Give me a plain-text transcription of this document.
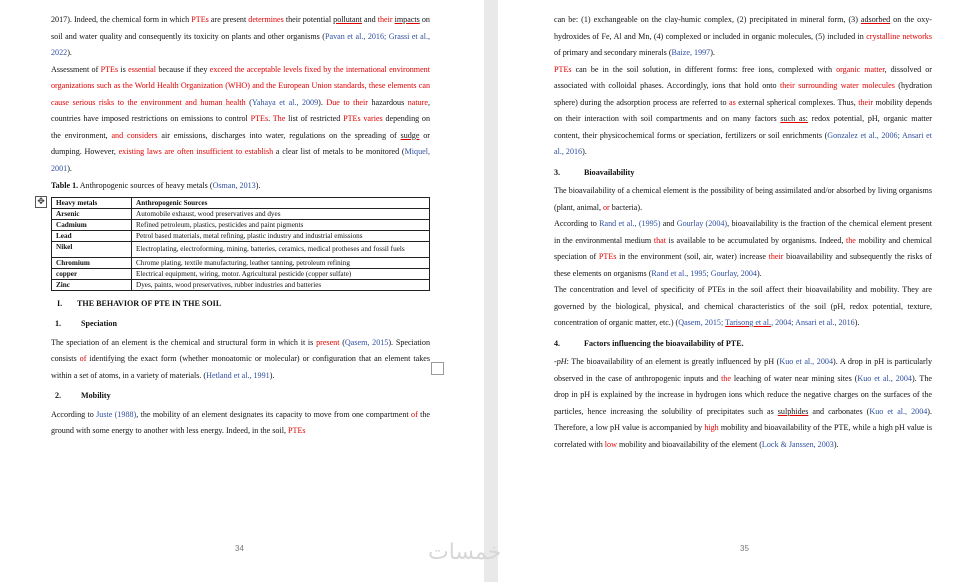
2017). Indeed, the chemical form in which PTEs are present determines their potential pollutant and their impacts on soil and water quality and consequently its toxicity on plants and other organisms (Pavan et al., 2016; Grassi et al., 2022).

Assessment of PTEs is essential because if they exceed the acceptable levels fixed by the international environment organizations such as the World Health Organization (WHO) and the European Union standards, these elements can cause serious risks to the environment and human health (Yahaya et al., 2009). Due to their hazardous nature, countries have imposed restrictions on emissions to control PTEs. The list of restricted PTEs varies depending on the environment, and considers air emissions, discharges into water, regulations on the spreading of sudge or dumping. However, existing laws are often insufficient to establish a clear list of metals to be monitored (Miquel, 2001).

Table 1. Anthropogenic sources of heavy metals (Osman, 2013).

Heavy metals	Anthropogenic Sources
Arsenic	Automobile exhaust, wood preservatives and dyes
Cadmium	Refined petroleum, plastics, pesticides and paint pigments
Lead	Petrol based materials, metal refining, plastic industry and industrial emissions
Nikel	Electroplating, electroforming, mining, batteries, ceramics, medical protheses and fossil fuels
Chromium	Chrome plating, textile manufacturing, leather tanning, petroleum refining
copper	Electrical equipment, wiring, motor. Agricultural pesticide (copper sulfate)
Zinc	Dyes, paints, wood preservatives, rubber industries and batteries

I. THE BEHAVIOR OF PTE IN THE SOIL

1. Speciation

The speciation of an element is the chemical and structural form in which it is present (Qasem, 2015). Speciation consists of identifying the exact form (whether monoatomic or molecular) or configuration that an element takes within a set of atoms, in a variety of materials. (Hetland et al., 1991).

2. Mobility

According to Juste (1988), the mobility of an element designates its capacity to move from one compartment of the ground with some energy to another with less energy. Indeed, in the soil, PTEs

✥
34

can be: (1) exchangeable on the clay-humic complex, (2) precipitated in mineral form, (3) adsorbed on the oxy-hydroxides of Fe, Al and Mn, (4) complexed or included in organic molecules, (5) included in crystalline networks of primary and secondary minerals (Baize, 1997).

PTEs can be in the soil solution, in different forms: free ions, complexed with organic matter, dissolved or associated with colloidal phases. Accordingly, ions that hold onto their surrounding water molecules (hydration sphere) during the adsorption process are referred to as external spherical complexes. Thus, their mobility depends on their interaction with soil compartments and on many factors such as: redox potential, pH, organic matter content, their physicochemical forms or speciation, fertilizers or soil enrichments (Gonzalez et al., 2006; Ansari et al., 2016).

3.	Bioavailability

The bioavailability of a chemical element is the possibility of being assimilated and/or absorbed by living organisms (plant, animal, or bacteria).

According to Rand et al., (1995) and Gourlay (2004), bioavailability is the fraction of the chemical element present in the environmental medium that is available to be accumulated by organisms. Indeed, the mobility and chemical speciation of PTEs in the environment (soil, air, water) increase their bioavailability and subsequently the risks of these elements on organisms (Rand et al., 1995; Gourlay, 2004).

The concentration and level of specificity of PTEs in the soil affect their bioavailability and mobility. They are governed by the biological, physical, and chemical characteristics of the soil (pH, redox potential, texture, concentration of organic matter, etc.) (Qasem, 2015; Tarisong et al., 2004; Ansari et al., 2016).

4.	Factors influencing the bioavailability of PTE.

-pH: The bioavailability of an element is greatly influenced by pH (Kuo et al., 2004). A drop in pH is particularly observed in the case of anthropogenic inputs and the leaching of water near mining sites (Kuo et al., 2004). The drop in pH is explained by the increase in hydrogen ions which reduce the negative charges on the surfaces of the particles, hence increasing the solubility of precipitates such as sulphides and carbonates (Kuo et al., 2004). Therefore, a low pH value is accompanied by high mobility and bioavailability of the PTE, while a high pH value is correlated with low mobility and bioavailability of the element (Lock & Janssen, 2003).

35
خمسات
